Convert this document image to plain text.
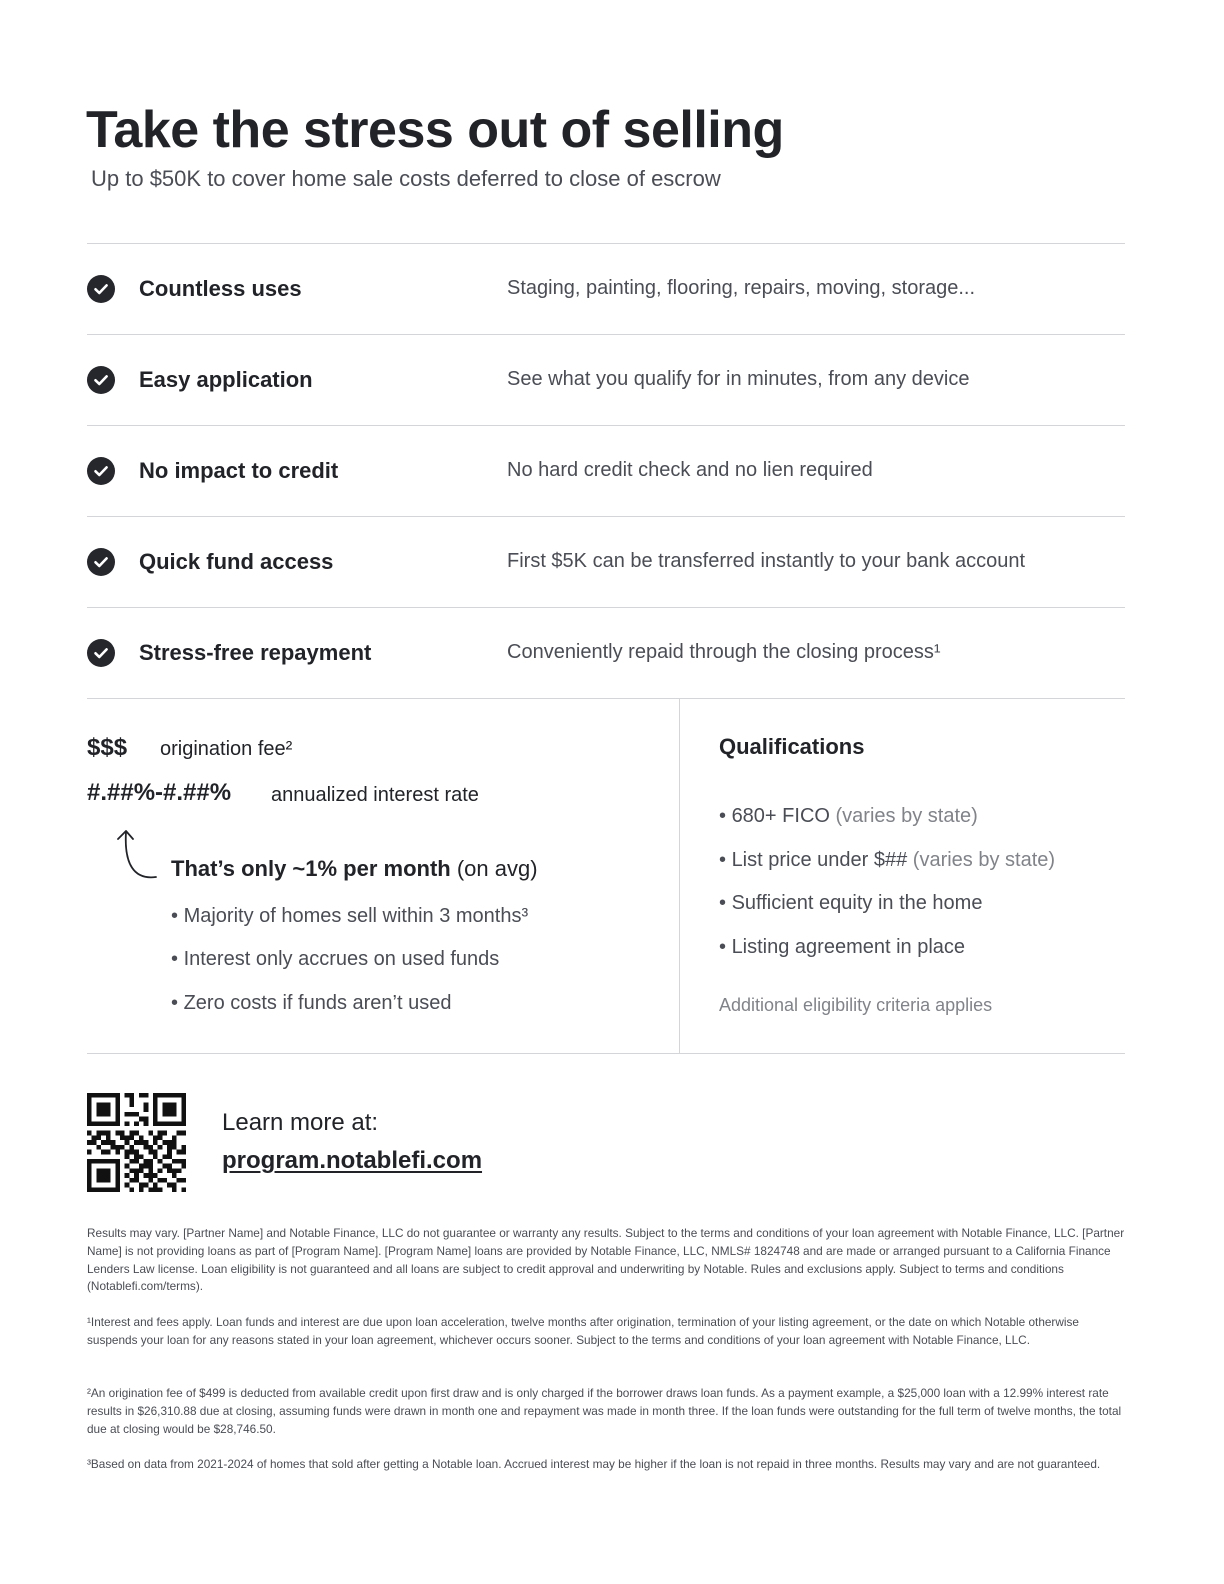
Take the stress out of selling
Up to $50K to cover home sale costs deferred to close of escrow
Countless uses	Staging, painting, flooring, repairs, moving, storage...
Easy application	See what you qualify for in minutes, from any device
No impact to credit	No hard credit check and no lien required
Quick fund access	First $5K can be transferred instantly to your bank account
Stress-free repayment	Conveniently repaid through the closing process¹
$$$ origination fee²
#.##%-#.##% annualized interest rate
That’s only ~1% per month (on avg)
• Majority of homes sell within 3 months³
• Interest only accrues on used funds
• Zero costs if funds aren’t used
Qualifications
• 680+ FICO (varies by state)
• List price under $## (varies by state)
• Sufficient equity in the home
• Listing agreement in place
Additional eligibility criteria applies
Learn more at:
program.notablefi.com

Results may vary. [Partner Name] and Notable Finance, LLC do not guarantee or warranty any results. Subject to the terms and conditions of your loan agreement with Notable Finance, LLC. [Partner Name] is not providing loans as part of [Program Name]. [Program Name] loans are provided by Notable Finance, LLC, NMLS# 1824748 and are made or arranged pursuant to a California Finance Lenders Law license. Loan eligibility is not guaranteed and all loans are subject to credit approval and underwriting by Notable. Rules and exclusions apply. Subject to terms and conditions (Notablefi.com/terms).

¹Interest and fees apply. Loan funds and interest are due upon loan acceleration, twelve months after origination, termination of your listing agreement, or the date on which Notable otherwise suspends your loan for any reasons stated in your loan agreement, whichever occurs sooner. Subject to the terms and conditions of your loan agreement with Notable Finance, LLC.

²An origination fee of $499 is deducted from available credit upon first draw and is only charged if the borrower draws loan funds. As a payment example, a $25,000 loan with a 12.99% interest rate results in $26,310.88 due at closing, assuming funds were drawn in month one and repayment was made in month three. If the loan funds were outstanding for the full term of twelve months, the total due at closing would be $28,746.50.

³Based on data from 2021-2024 of homes that sold after getting a Notable loan. Accrued interest may be higher if the loan is not repaid in three months. Results may vary and are not guaranteed.
